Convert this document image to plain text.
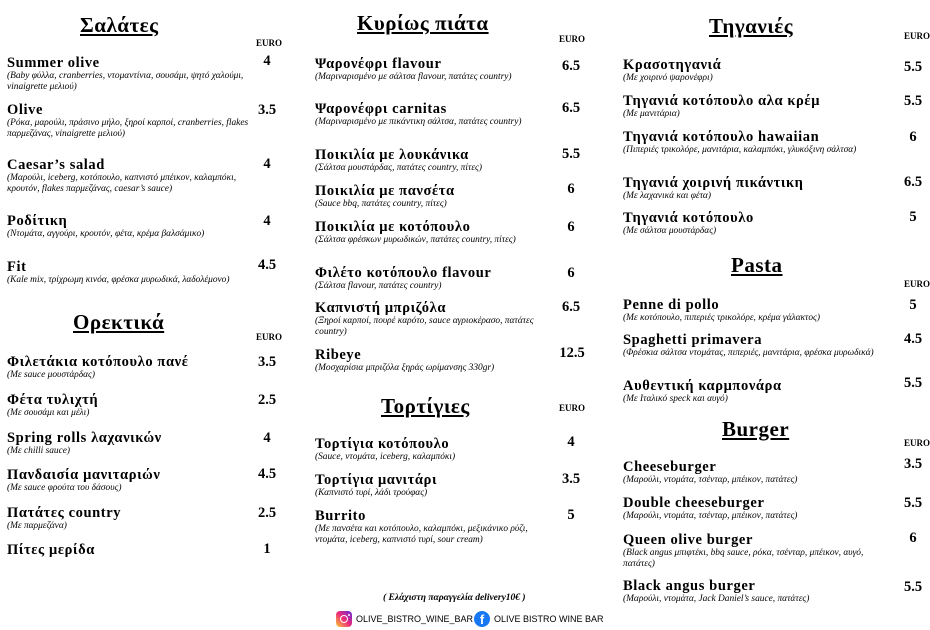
Σαλάτες
EURO
Summer olive
(Baby φύλλα, cranberries, ντομαντίνια, σουσάμι, ψητό χαλούμι, vinaigrette μελιού)
4
Olive
(Ρόκα, μαρούλι, πράσινο μήλο, ξηροί καρποί, cranberries, flakes παρμεζάνας, vinaigrette μελιού)
3.5
Caesar’s salad
(Μαρούλι, iceberg, κοτόπουλο, καπνιστό μπέικον, καλαμπόκι, κρουτόν, flakes παρμεζάνας, caesar’s sauce)
4
Ροδίτικη
(Ντομάτα, αγγούρι, κρουτόν, φέτα, κρέμα βαλσάμικο)
4
Fit
(Kale mix, τρίχρωμη κινόα, φρέσκα μυρωδικά, λαδολέμονο)
4.5
Ορεκτικά
EURO
Φιλετάκια κοτόπουλο πανέ
(Με sauce μουστάρδας)
3.5
Φέτα τυλιχτή
(Με σουσάμι και μέλι)
2.5
Spring rolls λαχανικών
(Με chilli sauce)
4
Πανδαισία μανιταριών
(Με sauce φρούτα του δάσους)
4.5
Πατάτες country
(Με παρμεζάνα)
2.5
Πίτες μερίδα	1
Κυρίως πιάτα
EURO
Ψαρονέφρι flavour
(Μαριναρισμένο με σάλτσα flavour, πατάτες country)
6.5
Ψαρονέφρι carnitas
(Μαριναρισμένο με πικάντικη σάλτσα, πατάτες country)
6.5
Ποικιλία με λουκάνικα
(Σάλτσα μουστάρδας, πατάτες country, πίτες)
5.5
Ποικιλία με πανσέτα
(Sauce bbq, πατάτες country, πίτες)
6
Ποικιλία με κοτόπουλο
(Σάλτσα φρέσκων μυρωδικών, πατάτες country, πίτες)
6
Φιλέτο κοτόπουλο flavour
(Σάλτσα flavour, πατάτες country)
6
Καπνιστή μπριζόλα
(Ξηροί καρποί, πουρέ καρότο, sauce αγριοκέρασο, πατάτες country)
6.5
Ribeye
(Μοσχαρίσια μπριζόλα ξηράς ωρίμανσης 330gr)
12.5
Τορτίγιες	EURO
Τορτίγια κοτόπουλο
(Sauce, ντομάτα, iceberg, καλαμπόκι)
4
Τορτίγια μανιτάρι
(Καπνιστό τυρί, λάδι τρούφας)
3.5
Burrito
(Με πανσέτα και κοτόπουλο, καλαμπόκι, μεξικάνικο ρύζι, ντομάτα, iceberg, καπνιστό τυρί, sour cream)
5
Τηγανιές	EURO
Κρασοτηγανιά
(Με χοιρινό ψαρονέφρι)
5.5
Τηγανιά κοτόπουλο αλα κρέμ
(Με μανιτάρια)
5.5
Τηγανιά κοτόπουλο hawaiian
(Πιπεριές τρικολόρε, μανιτάρια, καλαμπόκι, γλυκόξινη σάλτσα)
6
Τηγανιά χοιρινή πικάντικη
(Με λαχανικά και φέτα)
6.5
Τηγανιά κοτόπουλο
(Με σάλτσα μουστάρδας)
5
Pasta
EURO
Penne di pollo
(Με κοτόπουλο, πιπεριές τρικολόρε, κρέμα γάλακτος)
5
Spaghetti primavera
(Φρέσκια σάλτσα ντομάτας, πιπεριές, μανιτάρια, φρέσκα μυρωδικά)
4.5
Αυθεντική καρμπονάρα
(Με Ιταλικό speck και αυγό)
5.5
Burger
EURO
Cheeseburger
(Μαρούλι, ντομάτα, τσένταρ, μπέικον, πατάτες)
3.5
Double cheeseburger
(Μαρούλι, ντομάτα, τσένταρ, μπέικον, πατάτες)
5.5
Queen olive burger
(Black angus μπιφτέκι, bbq sauce, ρόκα, τσένταρ, μπέικον, αυγό, πατάτες)
6
Black angus burger
(Μαρούλι, ντομάτα, Jack Daniel’s sauce, πατάτες)
5.5
( Ελάχιστη παραγγελία delivery10€ )
OLIVE_BISTRO_WINE_BAR f	OLIVE BISTRO WINE BAR
